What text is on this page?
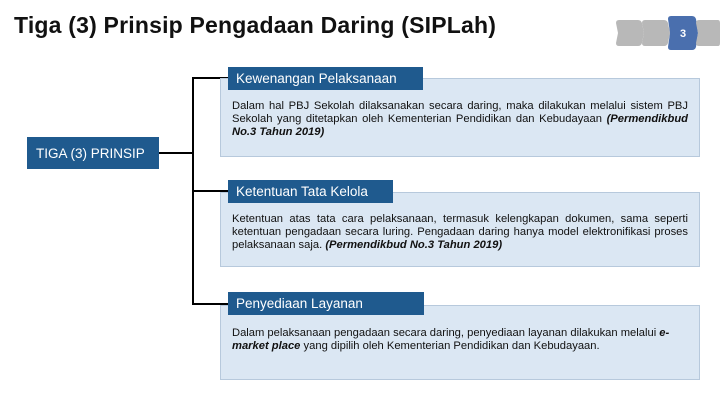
Tiga (3) Prinsip Pengadaan Daring (SIPLah)	3
TIGA (3) PRINSIP
Dalam hal PBJ Sekolah dilaksanakan secara daring, maka dilakukan melalui sistem PBJ Sekolah yang ditetapkan oleh Kementerian Pendidikan dan Kebudayaan (Permendikbud No.3 Tahun 2019)
Kewenangan Pelaksanaan
Ketentuan atas tata cara pelaksanaan, termasuk kelengkapan dokumen, sama seperti ketentuan pengadaan secara luring. Pengadaan daring hanya model elektronifikasi proses pelaksanaan saja. (Permendikbud No.3 Tahun 2019)
Ketentuan Tata Kelola
Dalam pelaksanaan pengadaan secara daring, penyediaan layanan dilakukan melalui e-market place yang dipilih oleh Kementerian Pendidikan dan Kebudayaan.
Penyediaan Layanan
